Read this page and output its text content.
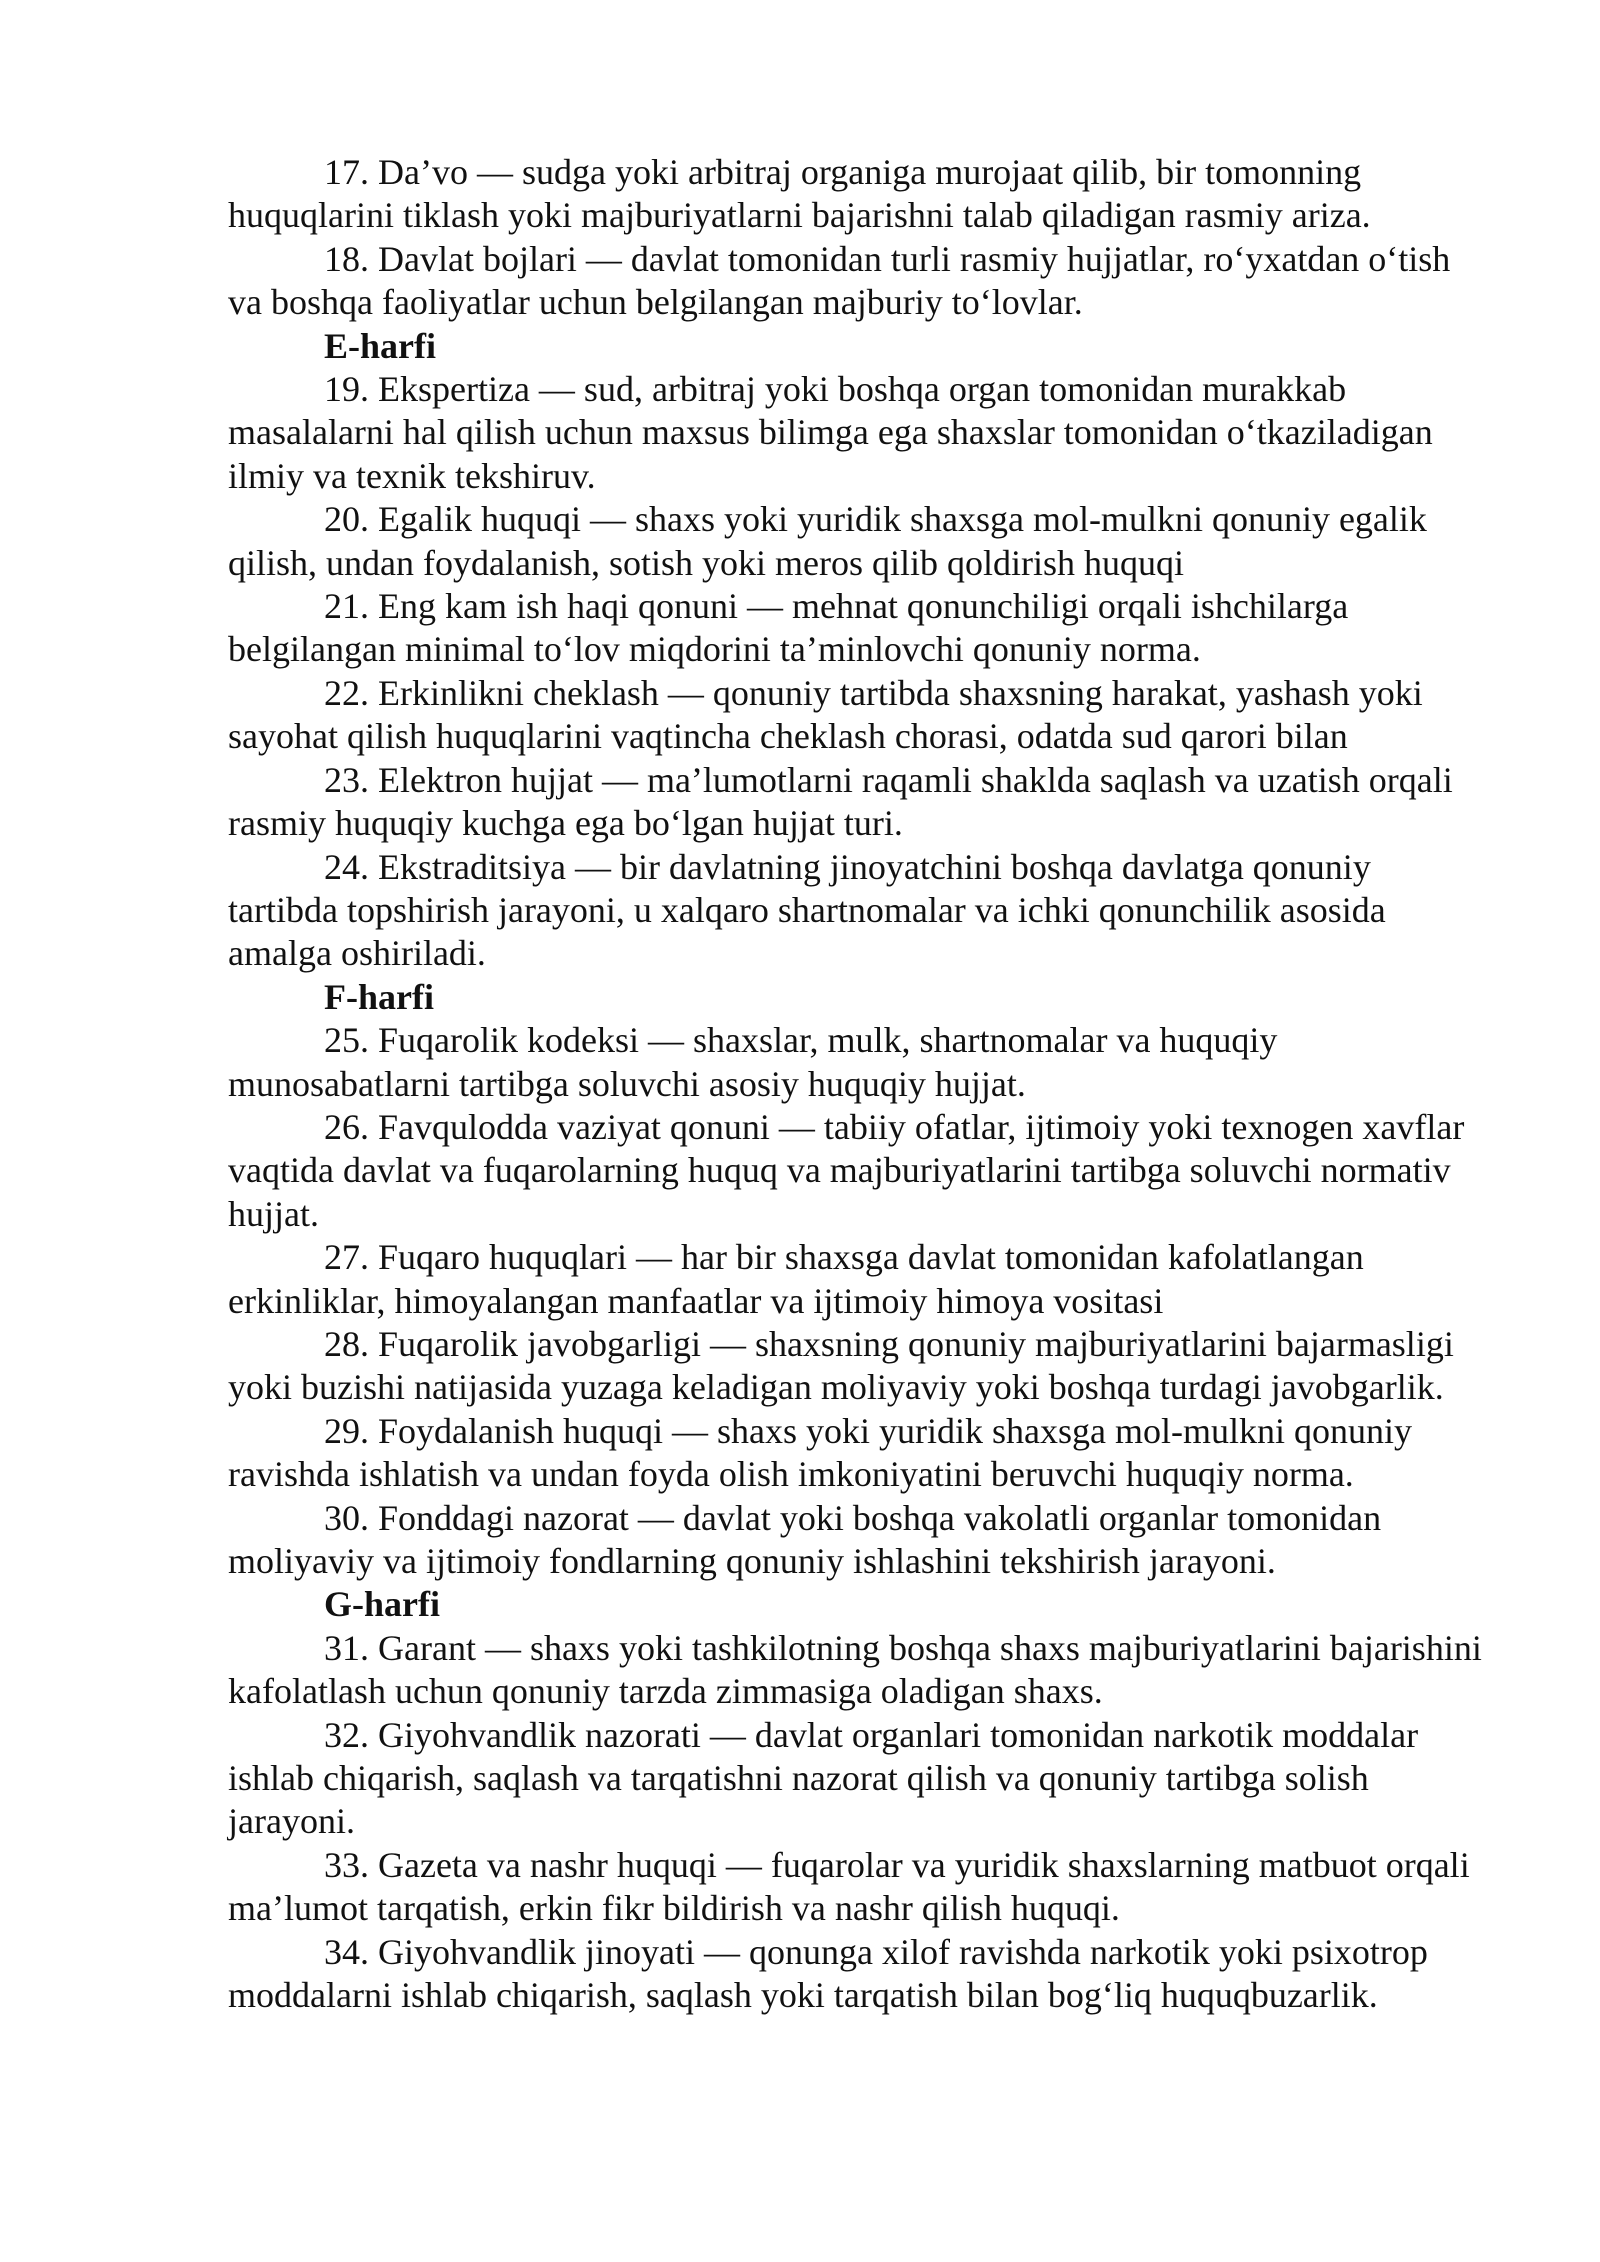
17. Da’vo — sudga yoki arbitraj organiga murojaat qilib, bir tomonning huquqlarini tiklash yoki majburiyatlarni bajarishni talab qiladigan rasmiy ariza.

18. Davlat bojlari — davlat tomonidan turli rasmiy hujjatlar, ro‘yxatdan o‘tish va boshqa faoliyatlar uchun belgilangan majburiy to‘lovlar.

E-harfi

19. Ekspertiza — sud, arbitraj yoki boshqa organ tomonidan murakkab masalalarni hal qilish uchun maxsus bilimga ega shaxslar tomonidan o‘tkaziladigan ilmiy va texnik tekshiruv.

20. Egalik huquqi — shaxs yoki yuridik shaxsga mol-mulkni qonuniy egalik qilish, undan foydalanish, sotish yoki meros qilib qoldirish huquqi

21. Eng kam ish haqi qonuni — mehnat qonunchiligi orqali ishchilarga belgilangan minimal to‘lov miqdorini ta’minlovchi qonuniy norma.

22. Erkinlikni cheklash — qonuniy tartibda shaxsning harakat, yashash yoki sayohat qilish huquqlarini vaqtincha cheklash chorasi, odatda sud qarori bilan

23. Elektron hujjat — ma’lumotlarni raqamli shaklda saqlash va uzatish orqali rasmiy huquqiy kuchga ega bo‘lgan hujjat turi.

24. Ekstraditsiya — bir davlatning jinoyatchini boshqa davlatga qonuniy tartibda topshirish jarayoni, u xalqaro shartnomalar va ichki qonunchilik asosida amalga oshiriladi.

F-harfi

25. Fuqarolik kodeksi — shaxslar, mulk, shartnomalar va huquqiy munosabatlarni tartibga soluvchi asosiy huquqiy hujjat.

26. Favqulodda vaziyat qonuni — tabiiy ofatlar, ijtimoiy yoki texnogen xavflar vaqtida davlat va fuqarolarning huquq va majburiyatlarini tartibga soluvchi normativ hujjat.

27. Fuqaro huquqlari — har bir shaxsga davlat tomonidan kafolatlangan erkinliklar, himoyalangan manfaatlar va ijtimoiy himoya vositasi

28. Fuqarolik javobgarligi — shaxsning qonuniy majburiyatlarini bajarmasligi yoki buzishi natijasida yuzaga keladigan moliyaviy yoki boshqa turdagi javobgarlik.

29. Foydalanish huquqi — shaxs yoki yuridik shaxsga mol-mulkni qonuniy ravishda ishlatish va undan foyda olish imkoniyatini beruvchi huquqiy norma.

30. Fonddagi nazorat — davlat yoki boshqa vakolatli organlar tomonidan moliyaviy va ijtimoiy fondlarning qonuniy ishlashini tekshirish jarayoni.

G-harfi

31. Garant — shaxs yoki tashkilotning boshqa shaxs majburiyatlarini bajarishini kafolatlash uchun qonuniy tarzda zimmasiga oladigan shaxs.

32. Giyohvandlik nazorati — davlat organlari tomonidan narkotik moddalar ishlab chiqarish, saqlash va tarqatishni nazorat qilish va qonuniy tartibga solish jarayoni.

33. Gazeta va nashr huquqi — fuqarolar va yuridik shaxslarning matbuot orqali ma’lumot tarqatish, erkin fikr bildirish va nashr qilish huquqi.

34. Giyohvandlik jinoyati — qonunga xilof ravishda narkotik yoki psixotrop moddalarni ishlab chiqarish, saqlash yoki tarqatish bilan bog‘liq huquqbuzarlik.
